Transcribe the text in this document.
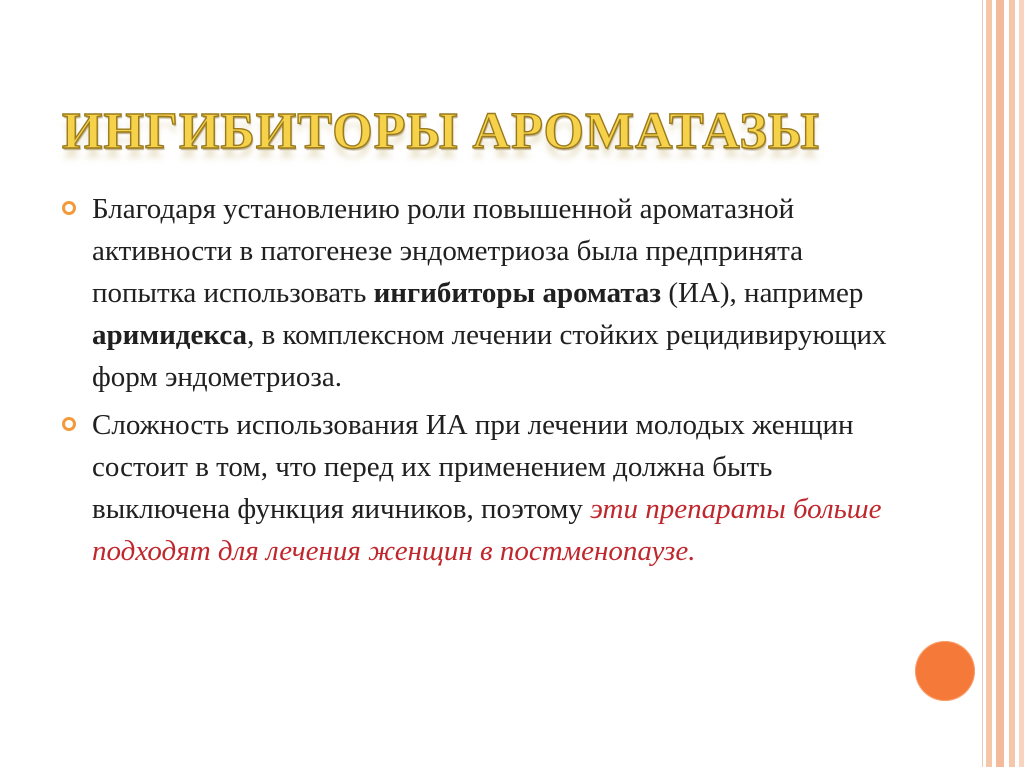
ИНГИБИТОРЫ АРОМАТАЗЫ

Благодаря установлению роли повышенной ароматазной активности в патогенезе эндометриоза была предпринята попытка использовать ингибиторы ароматаз (ИА), например аримидекса, в комплексном лечении стойких рецидивирующих форм эндометриоза.

Сложность использования ИА при лечении молодых женщин состоит в том, что перед их применением должна быть выключена функция яичников, поэтому эти препараты больше подходят для лечения женщин в постменопаузе.
